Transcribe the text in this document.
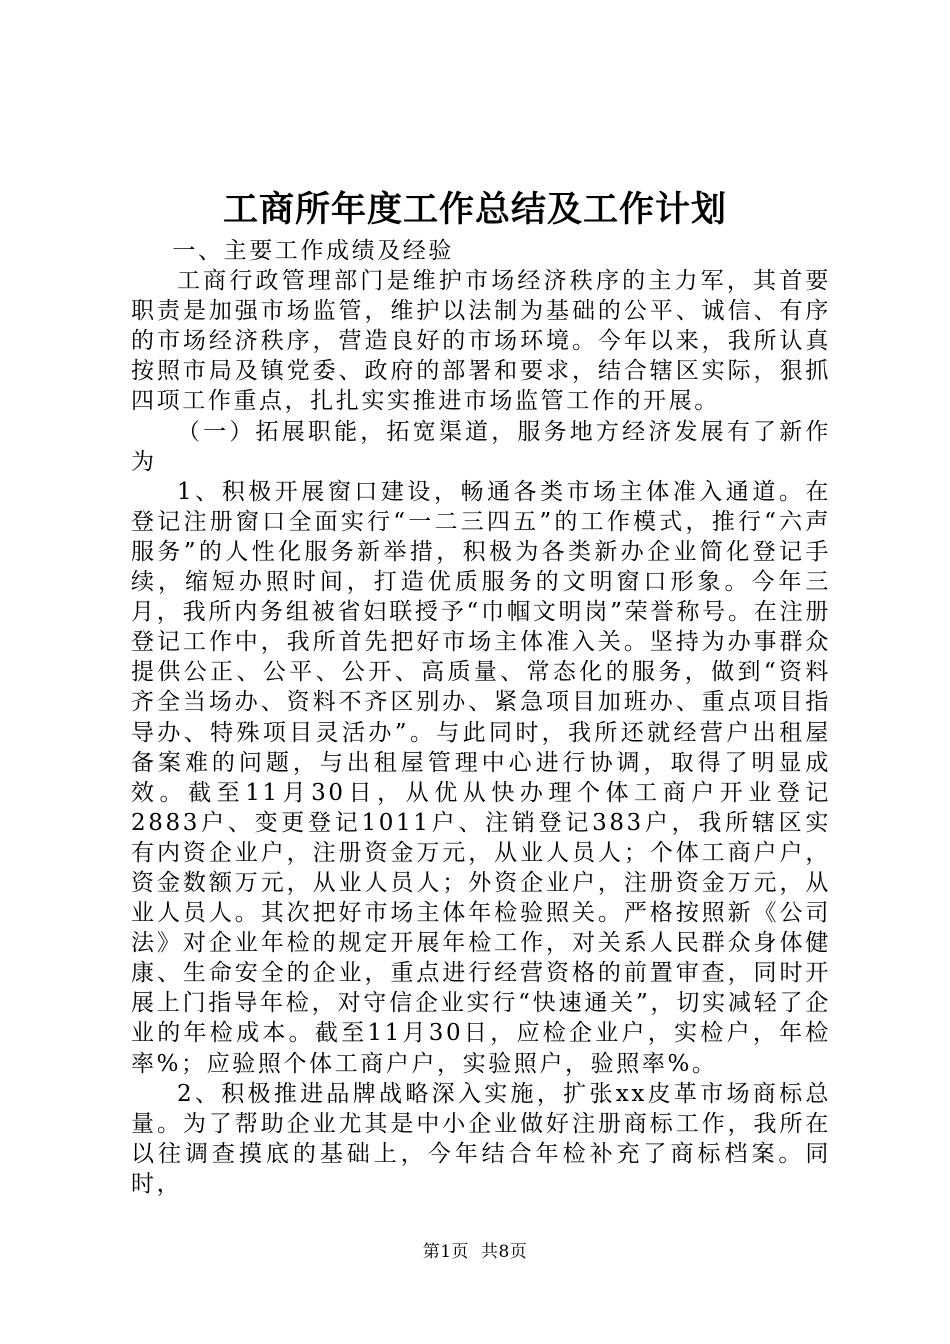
工商所年度工作总结及工作计划

一、主要工作成绩及经验

工商行政管理部门是维护市场经济秩序的主力军，其首要职责是加强市场监管，维护以法制为基础的公平、诚信、有序的市场经济秩序，营造良好的市场环境。今年以来，我所认真按照市局及镇党委、政府的部署和要求，结合辖区实际，狠抓四项工作重点，扎扎实实推进市场监管工作的开展。

（一）拓展职能，拓宽渠道，服务地方经济发展有了新作为

1、积极开展窗口建设，畅通各类市场主体准入通道。在登记注册窗口全面实行“一二三四五”的工作模式，推行“六声服务”的人性化服务新举措，积极为各类新办企业简化登记手续，缩短办照时间，打造优质服务的文明窗口形象。今年三月，我所内务组被省妇联授予“巾帼文明岗”荣誉称号。在注册登记工作中，我所首先把好市场主体准入关。坚持为办事群众提供公正、公平、公开、高质量、常态化的服务，做到“资料齐全当场办、资料不齐区别办、紧急项目加班办、重点项目指导办、特殊项目灵活办”。与此同时，我所还就经营户出租屋备案难的问题，与出租屋管理中心进行协调，取得了明显成效。截至11月30日，从优从快办理个体工商户开业登记2883户、变更登记1011户、注销登记383户，我所辖区实有内资企业户，注册资金万元，从业人员人；个体工商户户，资金数额万元，从业人员人；外资企业户，注册资金万元，从业人员人。其次把好市场主体年检验照关。严格按照新《公司法》对企业年检的规定开展年检工作，对关系人民群众身体健康、生命安全的企业，重点进行经营资格的前置审查，同时开展上门指导年检，对守信企业实行“快速通关”，切实减轻了企业的年检成本。截至11月30日，应检企业户，实检户，年检率%；应验照个体工商户户，实验照户，验照率%。

2、积极推进品牌战略深入实施，扩张xx皮革市场商标总量。为了帮助企业尤其是中小企业做好注册商标工作，我所在以往调查摸底的基础上，今年结合年检补充了商标档案。同时，

第1页 共8页
